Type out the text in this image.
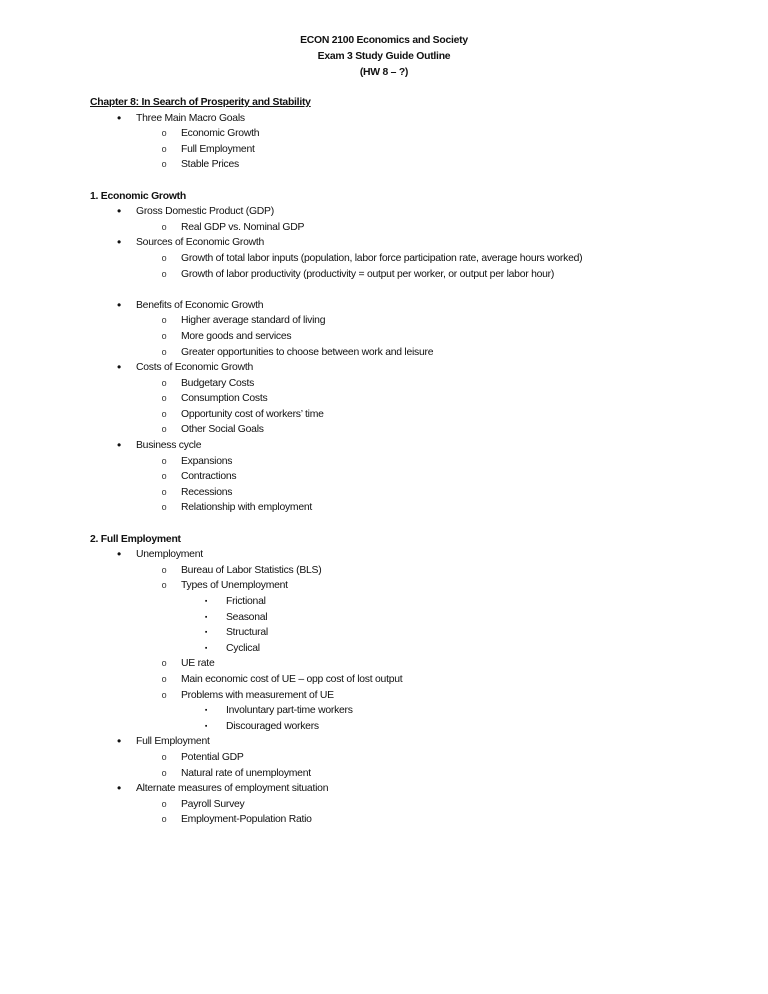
ECON 2100 Economics and Society
Exam 3 Study Guide Outline
(HW 8 – ?)
Chapter 8: In Search of Prosperity and Stability
•	Three Main Macro Goals
o	Economic Growth
o	Full Employment
o	Stable Prices
1. Economic Growth
•	Gross Domestic Product (GDP)
o	Real GDP vs. Nominal GDP
•	Sources of Economic Growth
o	Growth of total labor inputs (population, labor force participation rate, average hours worked)
o	Growth of labor productivity (productivity = output per worker, or output per labor hour)
•	Benefits of Economic Growth
o	Higher average standard of living
o	More goods and services
o	Greater opportunities to choose between work and leisure
•	Costs of Economic Growth
o	Budgetary Costs
o	Consumption Costs
o	Opportunity cost of workers’ time
o	Other Social Goals
•	Business cycle
o	Expansions
o	Contractions
o	Recessions
o	Relationship with employment
2. Full Employment
•	Unemployment
o	Bureau of Labor Statistics (BLS)
o	Types of Unemployment
▪	Frictional
▪	Seasonal
▪	Structural
▪	Cyclical
o	UE rate
o	Main economic cost of UE – opp cost of lost output
o	Problems with measurement of UE
▪	Involuntary part-time workers
▪	Discouraged workers
•	Full Employment
o	Potential GDP
o	Natural rate of unemployment
•	Alternate measures of employment situation
o	Payroll Survey
o	Employment-Population Ratio
